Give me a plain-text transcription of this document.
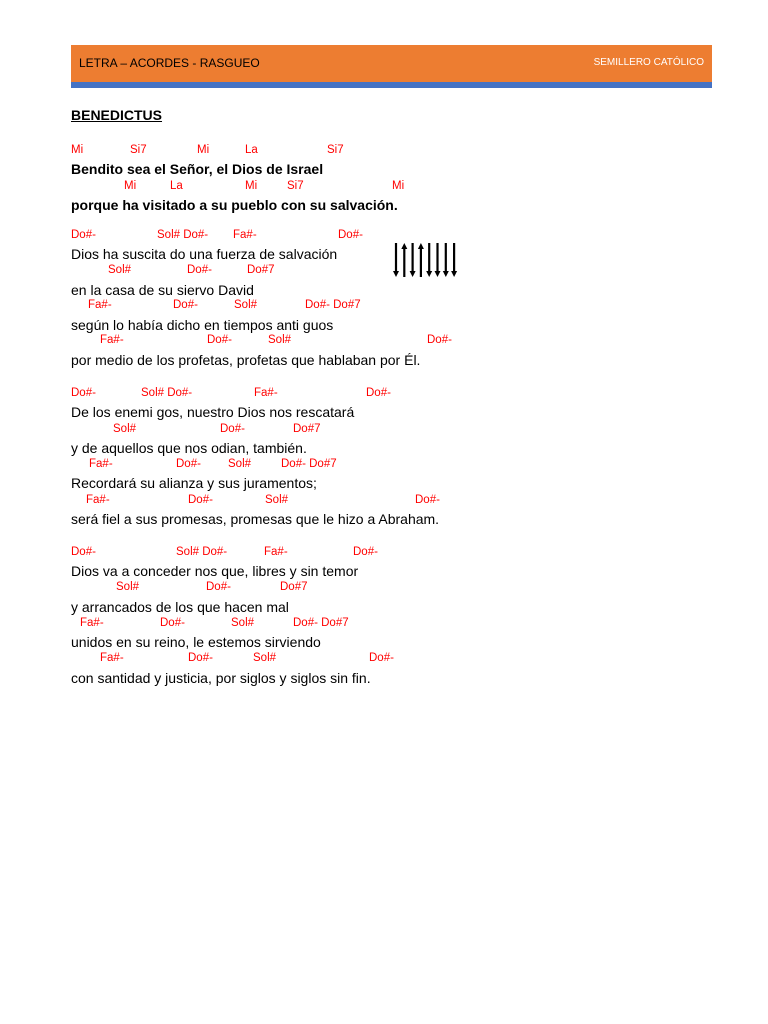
LETRA – ACORDES - RASGUEO	SEMILLERO CATÓLICO
BENEDICTUS
Mi	Si7	Mi	La	Si7
Bendito sea el Señor, el Dios de Israel
Mi	La	Mi	Si7	Mi
porque ha visitado a su pueblo con su salvación.
Do#-	Sol# Do#- Fa#-	Do#-
Dios ha suscita do una fuerza de salvación
Sol#	Do#-	Do#7
en la casa de su siervo David
Fa#-	Do#-	Sol#	Do#- Do#7
según lo había dicho en tiempos anti guos
Fa#-	Do#-	Sol#	Do#-
por medio de los profetas, profetas que hablaban por Él.
Do#-	Sol# Do#-	Fa#-	Do#-
De los enemi gos, nuestro Dios nos rescatará
Sol#	Do#-	Do#7
y de aquellos que nos odian, también.
Fa#-	Do#- Sol#	Do#- Do#7
Recordará su alianza y sus juramentos;
Fa#-	Do#-	Sol#	Do#-
será fiel a sus promesas, promesas que le hizo a Abraham.
Do#-	Sol# Do#-	Fa#-	Do#-
Dios va a conceder nos que, libres y sin temor
Sol#	Do#-	Do#7
y arrancados de los que hacen mal
Fa#-	Do#-	Sol#	Do#- Do#7
unidos en su reino, le estemos sirviendo
Fa#-	Do#-	Sol#	Do#-
con santidad y justicia, por siglos y siglos sin fin.
